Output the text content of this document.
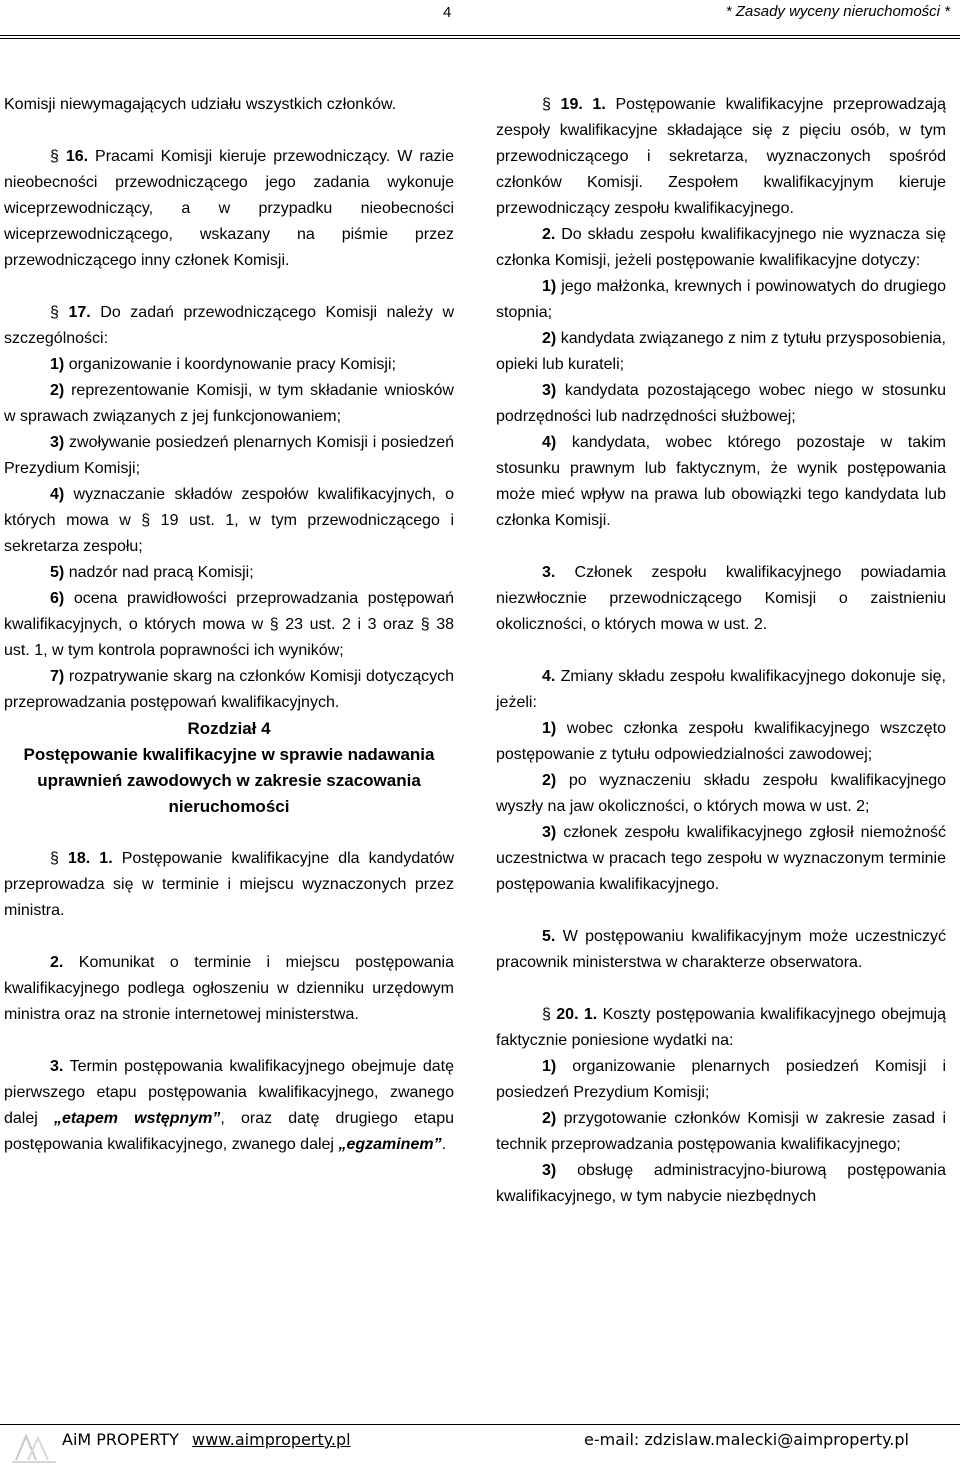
4	* Zasady wyceny nieruchomości *

Komisji niewymagających udziału wszystkich członków.

§ 16. Pracami Komisji kieruje przewodniczący. W razie nieobecności przewodniczącego jego zadania wykonuje wiceprzewodniczący, a w przypadku nieobecności wiceprzewodniczącego, wskazany na piśmie przez przewodniczącego inny członek Komisji.

§ 17. Do zadań przewodniczącego Komisji należy w szczególności:

1) organizowanie i koordynowanie pracy Komisji;

2) reprezentowanie Komisji, w tym składanie wniosków w sprawach związanych z jej funkcjonowaniem;

3) zwoływanie posiedzeń plenarnych Komisji i posiedzeń Prezydium Komisji;

4) wyznaczanie składów zespołów kwalifikacyjnych, o których mowa w § 19 ust. 1, w tym przewodniczącego i sekretarza zespołu;

5) nadzór nad pracą Komisji;

6) ocena prawidłowości przeprowadzania postępowań kwalifikacyjnych, o których mowa w § 23 ust. 2 i 3 oraz § 38 ust. 1, w tym kontrola poprawności ich wyników;

7) rozpatrywanie skarg na członków Komisji dotyczących przeprowadzania postępowań kwalifikacyjnych.

Rozdział 4

Postępowanie kwalifikacyjne w sprawie nadawania uprawnień zawodowych w zakresie szacowania nieruchomości

§ 18. 1. Postępowanie kwalifikacyjne dla kandydatów przeprowadza się w terminie i miejscu wyznaczonych przez ministra.

2. Komunikat o terminie i miejscu postępowania kwalifikacyjnego podlega ogłoszeniu w dzienniku urzędowym ministra oraz na stronie internetowej ministerstwa.

3. Termin postępowania kwalifikacyjnego obejmuje datę pierwszego etapu postępowania kwalifikacyjnego, zwanego dalej „etapem wstępnym”, oraz datę drugiego etapu postępowania kwalifikacyjnego, zwanego dalej „egzaminem”.

§ 19. 1. Postępowanie kwalifikacyjne przeprowadzają zespoły kwalifikacyjne składające się z pięciu osób, w tym przewodniczącego i sekretarza, wyznaczonych spośród członków Komisji. Zespołem kwalifikacyjnym kieruje przewodniczący zespołu kwalifikacyjnego.

2. Do składu zespołu kwalifikacyjnego nie wyznacza się członka Komisji, jeżeli postępowanie kwalifikacyjne dotyczy:

1) jego małżonka, krewnych i powinowatych do drugiego stopnia;

2) kandydata związanego z nim z tytułu przysposobienia, opieki lub kurateli;

3) kandydata pozostającego wobec niego w stosunku podrzędności lub nadrzędności służbowej;

4) kandydata, wobec którego pozostaje w takim stosunku prawnym lub faktycznym, że wynik postępowania może mieć wpływ na prawa lub obowiązki tego kandydata lub członka Komisji.

3. Członek zespołu kwalifikacyjnego powiadamia niezwłocznie przewodniczącego Komisji o zaistnieniu okoliczności, o których mowa w ust. 2.

4. Zmiany składu zespołu kwalifikacyjnego dokonuje się, jeżeli:

1) wobec członka zespołu kwalifikacyjnego wszczęto postępowanie z tytułu odpowiedzialności zawodowej;

2) po wyznaczeniu składu zespołu kwalifikacyjnego wyszły na jaw okoliczności, o których mowa w ust. 2;

3) członek zespołu kwalifikacyjnego zgłosił niemożność uczestnictwa w pracach tego zespołu w wyznaczonym terminie postępowania kwalifikacyjnego.

5. W postępowaniu kwalifikacyjnym może uczestniczyć pracownik ministerstwa w charakterze obserwatora.

§ 20. 1. Koszty postępowania kwalifikacyjnego obejmują faktycznie poniesione wydatki na:

1) organizowanie plenarnych posiedzeń Komisji i posiedzeń Prezydium Komisji;

2) przygotowanie członków Komisji w zakresie zasad i technik przeprowadzania postępowania kwalifikacyjnego;

3) obsługę administracyjno-biurową postępowania kwalifikacyjnego, w tym nabycie niezbędnych

AiM PROPERTY www.aimproperty.pl	e-mail: zdzislaw.malecki@aimproperty.pl
